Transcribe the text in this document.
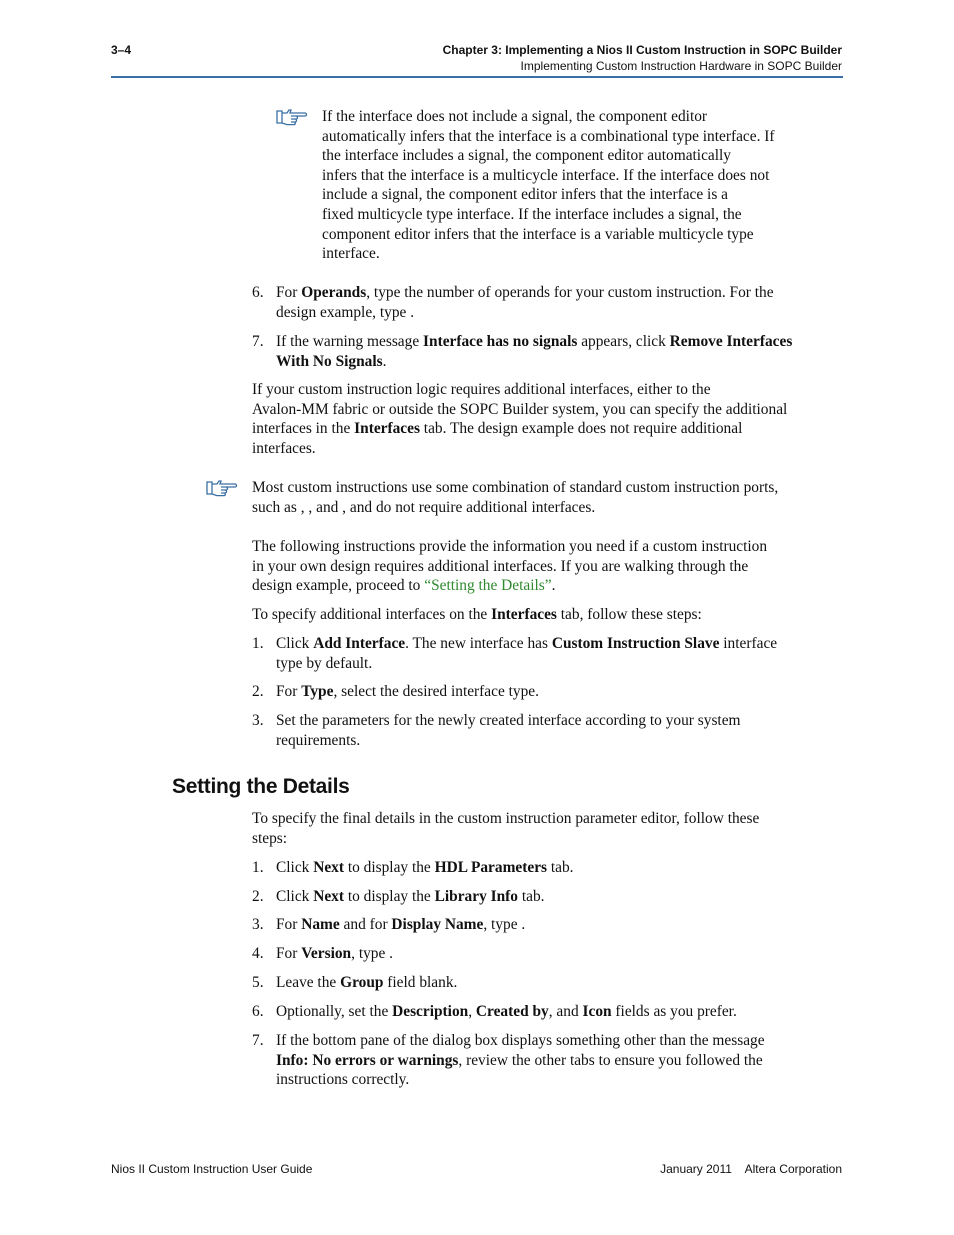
3–4	Chapter 3: Implementing a Nios II Custom Instruction in SOPC Builder
Implementing Custom Instruction Hardware in SOPC Builder
If the interface does not include a signal, the component editor
automatically infers that the interface is a combinational type interface. If
the interface includes a signal, the component editor automatically
infers that the interface is a multicycle interface. If the interface does not
include a signal, the component editor infers that the interface is a
fixed multicycle type interface. If the interface includes a signal, the
component editor infers that the interface is a variable multicycle type
interface.
6. For Operands, type the number of operands for your custom instruction. For the
design example, type .
7. If the warning message Interface has no signals appears, click Remove Interfaces
With No Signals.
If your custom instruction logic requires additional interfaces, either to the
Avalon-MM fabric or outside the SOPC Builder system, you can specify the additional
interfaces in the Interfaces tab. The design example does not require additional
interfaces.
Most custom instructions use some combination of standard custom instruction ports,
such as , , and , and do not require additional interfaces.
The following instructions provide the information you need if a custom instruction
in your own design requires additional interfaces. If you are walking through the
design example, proceed to “Setting the Details”.
To specify additional interfaces on the Interfaces tab, follow these steps:
1. Click Add Interface. The new interface has Custom Instruction Slave interface
type by default.
2. For Type, select the desired interface type.
3. Set the parameters for the newly created interface according to your system
requirements.
Setting the Details
To specify the final details in the custom instruction parameter editor, follow these
steps:
1. Click Next to display the HDL Parameters tab.
2. Click Next to display the Library Info tab.
3. For Name and for Display Name, type .
4. For Version, type .
5. Leave the Group field blank.
6. Optionally, set the Description, Created by, and Icon fields as you prefer.
7. If the bottom pane of the dialog box displays something other than the message
Info: No errors or warnings, review the other tabs to ensure you followed the
instructions correctly.
Nios II Custom Instruction User Guide	January 2011    Altera Corporation
